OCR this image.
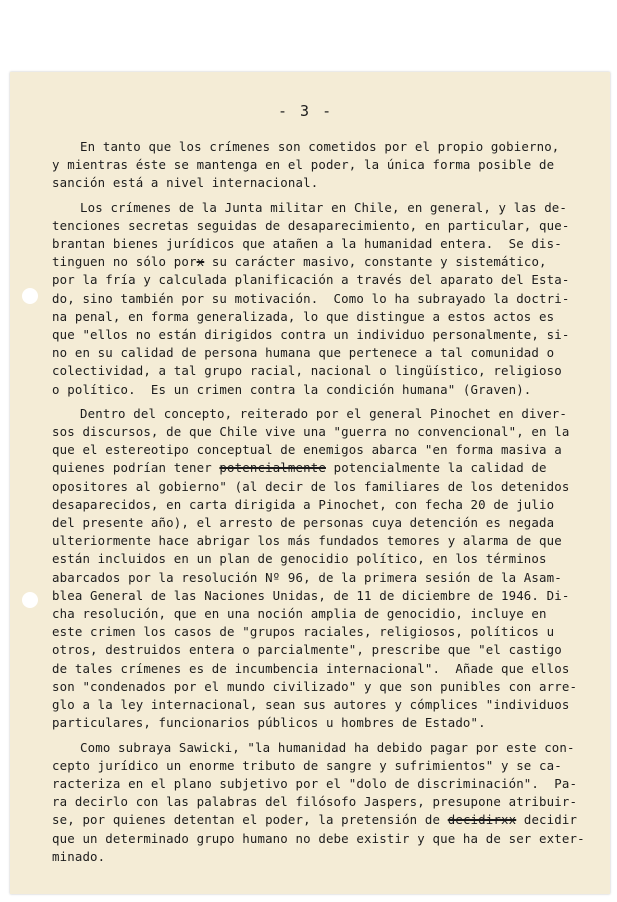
- 3 -

En tanto que los crímenes son cometidos por el propio gobierno,
y mientras éste se mantenga en el poder, la única forma posible de
sanción está a nivel internacional.

Los crímenes de la Junta militar en Chile, en general, y las de-
tenciones secretas seguidas de desaparecimiento, en particular, que-
brantan bienes jurídicos que atañen a la humanidad entera.  Se dis-
tinguen no sólo porx su carácter masivo, constante y sistemático,
por la fría y calculada planificación a través del aparato del Esta-
do, sino también por su motivación.  Como lo ha subrayado la doctri-
na penal, en forma generalizada, lo que distingue a estos actos es
que "ellos no están dirigidos contra un individuo personalmente, si-
no en su calidad de persona humana que pertenece a tal comunidad o
colectividad, a tal grupo racial, nacional o lingüístico, religioso
o político.  Es un crimen contra la condición humana" (Graven).

Dentro del concepto, reiterado por el general Pinochet en diver-
sos discursos, de que Chile vive una "guerra no convencional", en la
que el estereotipo conceptual de enemigos abarca "en forma masiva a
quienes podrían tener potencialmente potencialmente la calidad de
opositores al gobierno" (al decir de los familiares de los detenidos
desaparecidos, en carta dirigida a Pinochet, con fecha 20 de julio
del presente año), el arresto de personas cuya detención es negada
ulteriormente hace abrigar los más fundados temores y alarma de que
están incluidos en un plan de genocidio político, en los términos
abarcados por la resolución Nº 96, de la primera sesión de la Asam-
blea General de las Naciones Unidas, de 11 de diciembre de 1946. Di-
cha resolución, que en una noción amplia de genocidio, incluye en
este crimen los casos de "grupos raciales, religiosos, políticos u
otros, destruidos entera o parcialmente", prescribe que "el castigo
de tales crímenes es de incumbencia internacional".  Añade que ellos
son "condenados por el mundo civilizado" y que son punibles con arre-
glo a la ley internacional, sean sus autores y cómplices "individuos
particulares, funcionarios públicos u hombres de Estado".

Como subraya Sawicki, "la humanidad ha debido pagar por este con-
cepto jurídico un enorme tributo de sangre y sufrimientos" y se ca-
racteriza en el plano subjetivo por el "dolo de discriminación".  Pa-
ra decirlo con las palabras del filósofo Jaspers, presupone atribuir-
se, por quienes detentan el poder, la pretensión de decidirxx decidir
que un determinado grupo humano no debe existir y que ha de ser exter-
minado.
